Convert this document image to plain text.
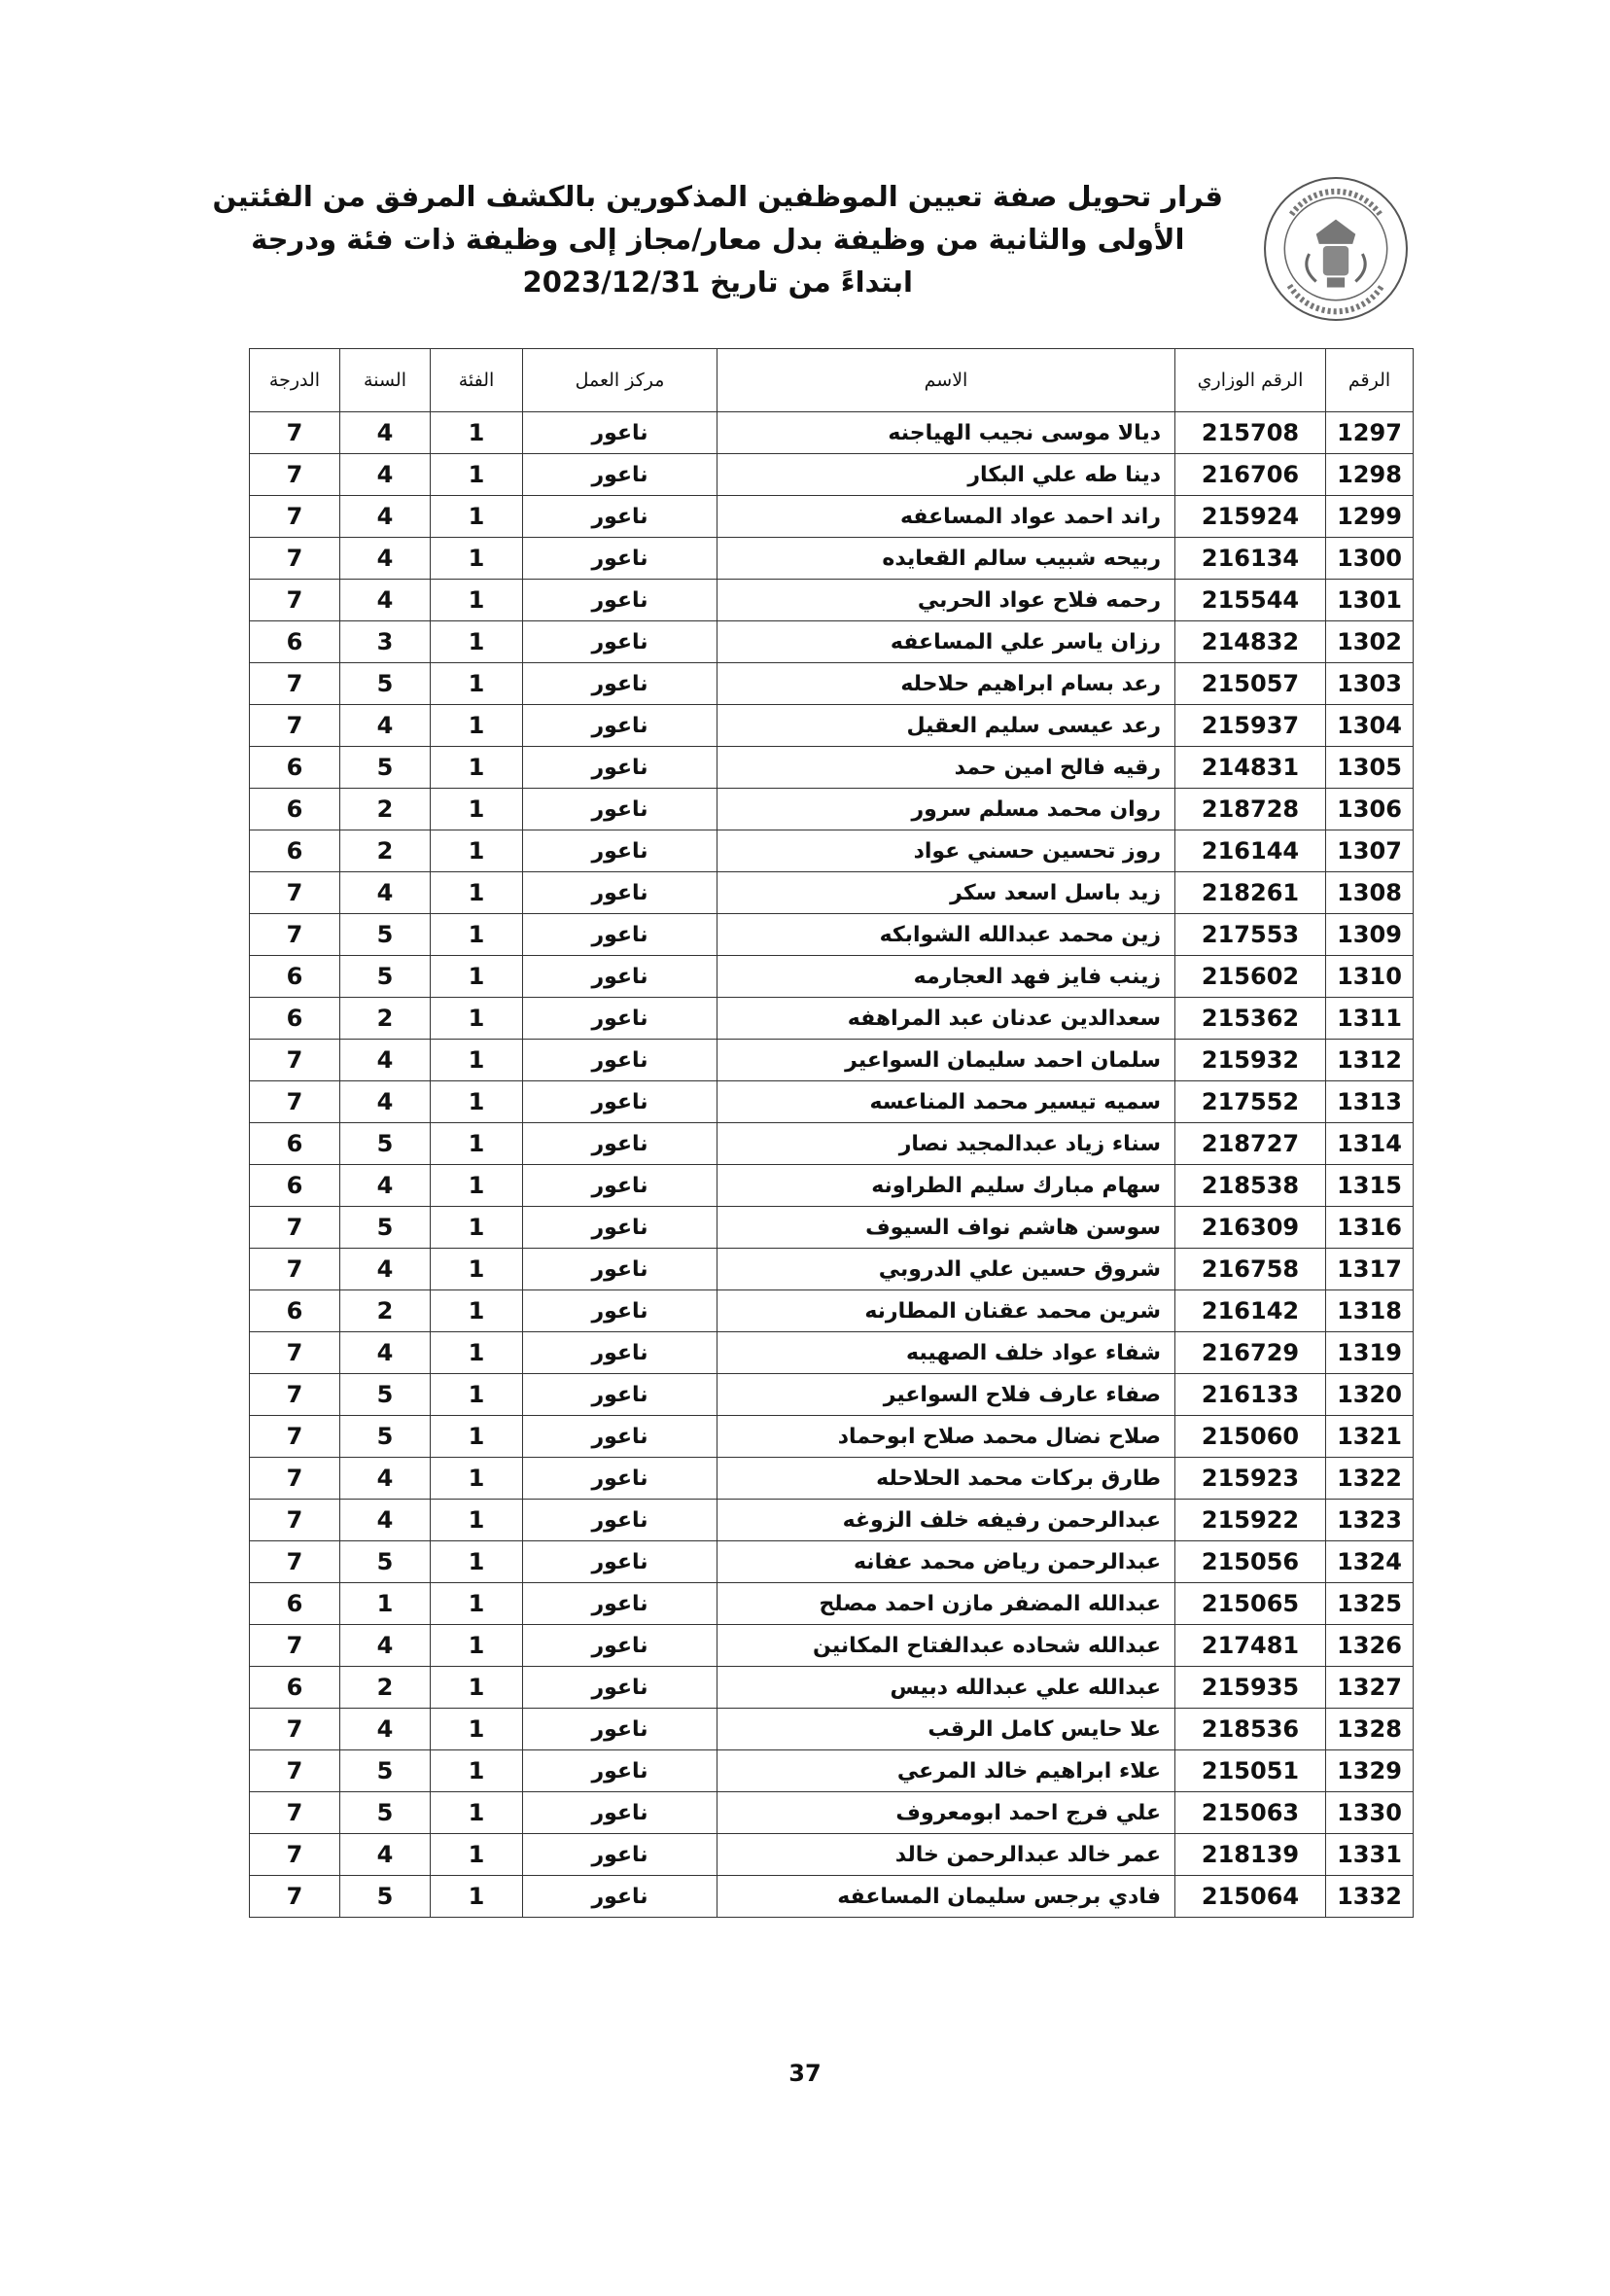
قرار تحويل صفة تعيين الموظفين المذكورين بالكشف المرفق من الفئتين
الأولى والثانية من وظيفة بدل معار/مجاز إلى وظيفة ذات فئة ودرجة
ابتداءً من تاريخ 2023/12/31
الرقم	الرقم الوزاري	الاسم	مركز العمل	الفئة	السنة	الدرجة
1297	215708	ديالا موسى نجيب الهياجنه	ناعور	1	4	7
1298	216706	دينا طه علي البكار	ناعور	1	4	7
1299	215924	راند احمد عواد المساعفه	ناعور	1	4	7
1300	216134	ربيحه شبيب سالم القعايده	ناعور	1	4	7
1301	215544	رحمه فلاح عواد الحربي	ناعور	1	4	7
1302	214832	رزان ياسر علي المساعفه	ناعور	1	3	6
1303	215057	رعد بسام ابراهيم حلاحله	ناعور	1	5	7
1304	215937	رعد عيسى سليم العقيل	ناعور	1	4	7
1305	214831	رقيه فالح امين حمد	ناعور	1	5	6
1306	218728	روان محمد مسلم سرور	ناعور	1	2	6
1307	216144	روز تحسين حسني عواد	ناعور	1	2	6
1308	218261	زيد باسل اسعد سكر	ناعور	1	4	7
1309	217553	زين محمد عبدالله الشوابكه	ناعور	1	5	7
1310	215602	زينب فايز فهد العجارمه	ناعور	1	5	6
1311	215362	سعدالدين عدنان عبد المراهفه	ناعور	1	2	6
1312	215932	سلمان احمد سليمان السواعير	ناعور	1	4	7
1313	217552	سميه تيسير محمد المناعسه	ناعور	1	4	7
1314	218727	سناء زياد عبدالمجيد نصار	ناعور	1	5	6
1315	218538	سهام مبارك سليم الطراونه	ناعور	1	4	6
1316	216309	سوسن هاشم نواف السيوف	ناعور	1	5	7
1317	216758	شروق حسين علي الدروبي	ناعور	1	4	7
1318	216142	شرين محمد عقنان المطارنه	ناعور	1	2	6
1319	216729	شفاء عواد خلف الصهيبه	ناعور	1	4	7
1320	216133	صفاء عارف فلاح السواعير	ناعور	1	5	7
1321	215060	صلاح نضال محمد صلاح ابوحماد	ناعور	1	5	7
1322	215923	طارق بركات محمد الحلاحله	ناعور	1	4	7
1323	215922	عبدالرحمن رفيفه خلف الزوغه	ناعور	1	4	7
1324	215056	عبدالرحمن رياض محمد عفانه	ناعور	1	5	7
1325	215065	عبدالله المضفر مازن احمد مصلح	ناعور	1	1	6
1326	217481	عبدالله شحاده عبدالفتاح المكانين	ناعور	1	4	7
1327	215935	عبدالله علي عبدالله دبيس	ناعور	1	2	6
1328	218536	علا حايس كامل الرقب	ناعور	1	4	7
1329	215051	علاء ابراهيم خالد المرعي	ناعور	1	5	7
1330	215063	علي فرج احمد ابومعروف	ناعور	1	5	7
1331	218139	عمر خالد عبدالرحمن خالد	ناعور	1	4	7
1332	215064	فادي برجس سليمان المساعفه	ناعور	1	5	7
37
